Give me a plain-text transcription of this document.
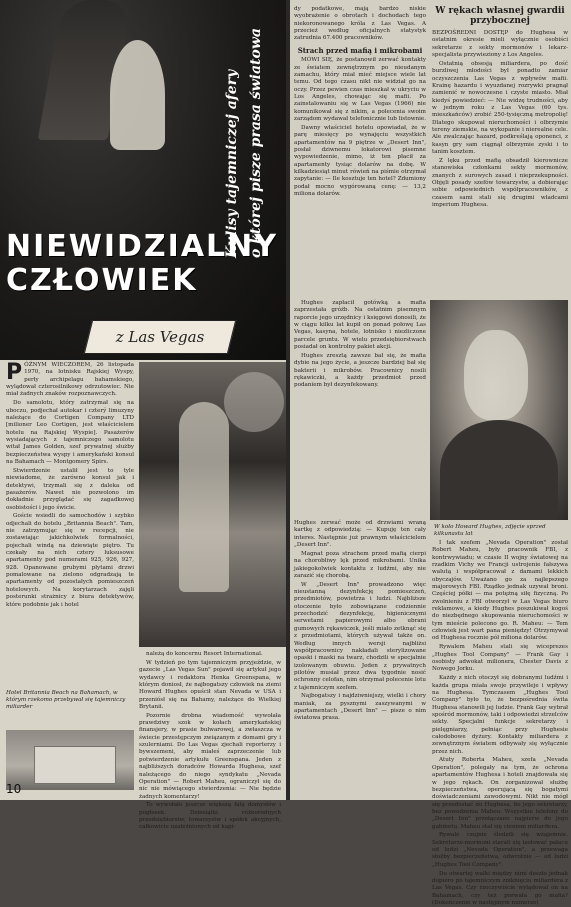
NIEWIDZIALNY
CZŁOWIEK
Kulisy tajemniczej afery o której pisze prasa światowa
z Las Vegas

PÓŹNYM WIECZOREM, 26 listopada 1970, na lotnisku Rajskiej Wyspy, perły archipelagu bahamskiego, wylądował czterosilnikowy odrzutowiec. Nie miał żadnych znaków rozpoznawczych.

Do samolotu, który zatrzymał się na uboczu, podjechał autokar i czterý limuzyny należące do Cortigen Company LTD [milioner Leo Cortigen, jest właścicielem hotelu na Rajskiej Wyspie]. Pasażerów wysiadających z tajemniczego samolotu witał James Golden, szef prywatnej służby bezpieczeństwa wyspy i amerykański konsul na Bahamach — Montgomery Spirs.

Stwierdzenie ustalił jest to tyle niewiadome, że zarówno konsul jak i detektywi, trzymali się z daleka od pasażerów. Nawet nie pozwolono im dokładnie przyglądać się zagadkowej osobistości i jego świcie.

Goście wsiedli do samochodów i szybko odjechali do hotelu „Britannia Beach". Tam, nie zatrzymując się w recepcji, nie zostawiając jakichkolwiek formalności, pojechali windą na dziewiąte piętro. Tu czekały na nich cztery luksusowe apartamenty pod numerami 925, 926, 927, 928. Opanowane grubymi płytami drzwi pomalowane na zielono odgradzają te apartamenty od pozostałych pomieszczeń hotelowych. Na korytarzach zajęli posterunki strażnicy z biura detektywów, które podobnie jak i hotel

Hotel Britannia Beach na Bahamach, w którym rzekomo przebywał się tajemniczy miliarder

należą do koncernu Resort International.

W tydzień po tym tajemniczym przyjeździe, w gazecie „Las Vegas Sun" pojawił się artykuł jego wydawcy i redaktora Henka Greenspana, w którym doniosł, że najbogatszy człowiek na ziemi Howard Hughes opuścił stan Nevada w USA i przeniósł się na Bahamy, należące do Wielkiej Brytanii.

Pozornie drobna wiadomość wywołała prawdziwy szok w kołach amerykańskiej finansjery, w prasie bulwarowej, a zwłaszcza w świecie przestępczym związanym z domami gry i szulerniami. Do Las Vegas zjechali reporterzy i bywszemeni, aby miałeś zaprzeczenie lub potwierdzenie artykułu Greenspana. Jeden z najbliższych doradców Howarda Hughesa, szef należącego do niego syndykatu „Nevada Operation" — Robert Maheu, ograniczył się do nic nie mówiącego stwierdzenia: — Nie będzie żadnych komentarzy!

To wywołało jeszcze większą falę domysłów i pogłosek. Dziesiątki różnorodnych przedsiębiorstw, towarzystw i spółek akcyjnych, całkowicie uzależnionych od kapi-

10

dy podatkowe, mają bardzo niskie wyobrażenie o obrotach i dochodach tego niekoronowanego króla z Las Vegas. A przecież według oficjalnych statystyk zatrudnia 67.400 pracowników.

Strach przed mafią i mikrobami

MÓWI SIĘ, że postanowił zerwać kontakty ze światem zewnętrznym po nieudanym zamachu, który miał mieć miejsce wiele lat temu. Od tego czasu nikt nie widział go na oczy. Przez pewien czas mieszkał w ukryciu w Los Angeles, chowając się mafii. Po zainstalowaniu się w Las Vegas (1966) nie komunikował się z nikim, a polecenia swoim zarządom wydawał telefonicznie lub listownie.

Dawny właściciel hotelu opowiadał, że w parę miesięcy po wynajęciu wszystkich apartamentów na 9 piętrze w „Desert Inn", posłał dziwnemu lokatorowi pisemne wypowiedzenie, mimo, iż ten płacił za apartamenty tysiąc dolarów na dobę. W kilkadziesiąt minut rówień na piśmie otrzymał zapytanie: — Ile kosztuje ten hotel? Zdumiony podał mocno wygórowaną cenę: — 13,2 miliona dolarów.

Hughes zerwać może od drzwiami wraną kartkę z odpowiedzią: — Kupuję ten cały interes. Następnie już prawnym właścicielem „Desert Inn".

Magnat poza strachem przed mafią cierpi na chorobliwy lęk przed mikrobami. Unika jakiegokolwiek kontaktu z ludźmi, aby nie zarazić się chorobą.

W „Desert Inn" prowadzono więc nieustanną dezynfekcję pomieszczeń, przedmiotów, powietrza i ludzi. Najbliższe otoczenie było zobowiązane codziennie przechodzić dezynfekcję, higienicznymi serwetami papierowymi albo ubrani gumowych rękawiczek, jeśli miało zetknąć się z przedmiotami, których używał także on. Według innych wersji najbliżsi współpracownicy nakładali sterylizowane opaski i maski na twarz, chodzili w specjalnie izolowanym obuwiu. Jeden z prywatnych pilotów musiał przez dwa tygodnie nosić ochronny celofan, nim otrzymał polecenie lotu z tajemniczym szefem.

Najbogatszy i najdziwniejszy, wielki i chory maniak, za pysznymi zaszywanymi w apartamentach „Desert Inn" — pisze o nim światowa prasa.

Hughes zapłacił gotówką a mafia zaprzestała gróźb. Na ostatnim pisemnym raporcie jego urzędnicy i księgowi donosili, że w ciągu kilku lat kupił on ponad połowę Las Vegas, kasyna, hotele, lotnisko i niezliczone parcele gruntu. W wielu przedsiębiorstwach posiadał on kontrolny pakiet akcji.

Hughes zresztą zawsze bał się, że mafia dybie na jego życie, a jeszcze bardziej bał się bakterii i mikrobów. Pracownicy nosili rękawiczki, a każdy przedmiot przed podaniem był dezynfekowany.

W rękach własnej gwardii przybocznej

BEZPOŚREDNI DOSTĘP do Hughesa w ostatnim okresie mieli wyłącznie osobiści sekretarze z sekty mormonów i lekarz-specjalista przywieziony z Los Angeles.

Ostatnią obsesją miliardera, po dość burzliwej młodości był ponadto zamiar oczyszczenia Las Vegas z wpływów mafii. Krainę hazardu i wyuzdanej rozrywki pragnął zamienić w nowoczesne i czyste miasto. Miał kiedyś powiedzieć: — Nie widzę trudności, aby w jednym roku z Las Vegas (60 tys. mieszkańców) zrobić 250-tysięczną metropolię! Dlatego skupował nieruchomości i olbrzymie tereny ziemskie, na wykopanie i nierealne cele. Ale zwalczając hazard, podkreślają oponenci, z kasyn gry sam ciągnął olbrzymie zyski i to tanim kosztem.

Z lęku przed mafią obsadził kierownicze stanowiska członkami sekty mormonów, znanych z surowych zasad i nieprzekupności. Objęli posady szefów towarzystw, a dobierając sobie odpowiednich współpracowników, z czasem sami stali się drugimi władcami imperium Hughesa.

W koło Howard Hughes, zdjęcie sprzed kilkunastu lat

I tak szefem „Nevada Operation" został Robert Maheu, były pracownik FBI, z kontrwywiadu; w czasie II wojny światowej na rzadkim Vichy we Francji ustrojenie fałszywa walutą i współpracował z damami lekkich obyczajów. Uważano go za najlepszego majorowych FBI. Rządko jednak uzywał broni. Częściej półki — ma potężną siłę fizyczną. Po zwolnieniu z FBI otworzył w Las Vegas biuro reklamowe, a kiedy Hughes poszukiwał kogoś do niezbędnego skupowania nieruchomości w tym mieście polecono go. R. Maheu: — Tem człowiek jest wart pana pieniędzy! Otrzymywał od Hughesa rocznie pół miliona dolarów.

Rywalem Maheu stali się wiceprezes „Hughes Tool Company" — Frank Gay i osobisty adwokat milionera, Chester Davis z Nowego Jorku.

Każdy z nich otoczył się dobranymi ludźmi i każda grupa miała swoje przywileje i wpływy na Hughesa. Tymczasem „Hughes Tool Company" było to, że bezpośrednia świta Hughesa stanowili jej ludzie. Frank Gay wybrał spośród mormonów, taki i odpowiedzi strzelców sekty. Specjalni funkcje sekretarzy i pielęgniarzy, pełniąc przy Hughesie całodobowe dyżury. Kontakty miliardera z zewnętrznym światem odbywały się wyłącznie przez nich.

Atuty Roberta Maheu, szefa „Nevada Operation", polegały na tym, że ochrona apartamentów Hughesa i hoteli znajdowała się w jego rękach. On zorganizował służbę bezpieczeństwa, operującą się bogatymi doświadczeniami zawodowymi. Nikt nie mógł się przedostać do Hughesa, bo jego sekretarzy, bez powodzenia Maheu. Wszystkie telefony do „Desert Inn" przełączano najpierw do jego gabinetu. Maheu stał się cieniem miliardera.

Rywale czujnie śledzili się wzajemnie. Sekretarze-mormoni starali się izolować pałacu od ludzi „Nevada Operation", a przewaga służby bezpieczeństwa, odwrotnie — od ludzi „Hughes Tool Company".

Do otwartej walki między nimi doszło jednak dopiero po tajemniczym zniknięciu miliardera z Las Vegas. Czy rzeczywiście wylądował on na Bahamach, czy też porwała go mafia? (Dokończenie w następnym numerze)
